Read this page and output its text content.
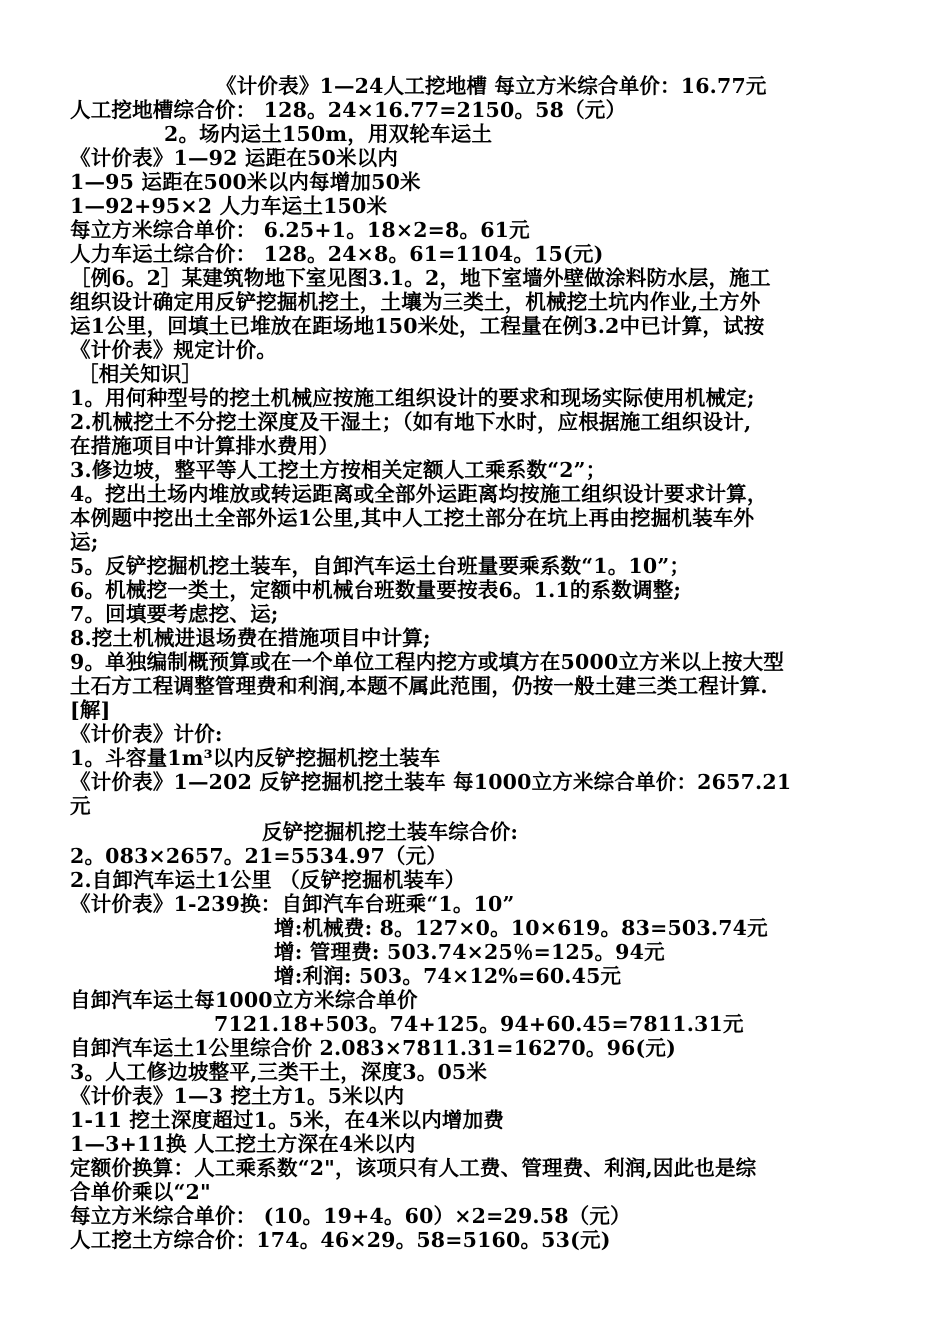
《计价表》1—24人工挖地槽 每立方米综合单价：16.77元
人工挖地槽综合价： 128。24×16.77=2150。58（元）
2。场内运土150m，用双轮车运土
《计价表》1—92 运距在50米以内
1—95 运距在500米以内每增加50米
1—92+95×2 人力车运土150米
每立方米综合单价： 6.25+1。18×2=8。61元
人力车运土综合价： 128。24×8。61=1104。15(元)
［例6。2］某建筑物地下室见图3.1。2，地下室墙外壁做涂料防水层，施工
组织设计确定用反铲挖掘机挖土，土壤为三类土，机械挖土坑内作业,土方外
运1公里，回填土已堆放在距场地150米处，工程量在例3.2中已计算，试按
《计价表》规定计价。
［相关知识］
1。用何种型号的挖土机械应按施工组织设计的要求和现场实际使用机械定;
2.机械挖土不分挖土深度及干湿土；（如有地下水时，应根据施工组织设计,
在措施项目中计算排水费用）
3.修边坡，整平等人工挖土方按相关定额人工乘系数“2”；
4。挖出土场内堆放或转运距离或全部外运距离均按施工组织设计要求计算，
本例题中挖出土全部外运1公里,其中人工挖土部分在坑上再由挖掘机装车外
运;
5。反铲挖掘机挖土装车，自卸汽车运土台班量要乘系数“1。10”；
6。机械挖一类土，定额中机械台班数量要按表6。1.1的系数调整;
7。回填要考虑挖、运;
8.挖土机械进退场费在措施项目中计算;
9。单独编制概预算或在一个单位工程内挖方或填方在5000立方米以上按大型
土石方工程调整管理费和利润,本题不属此范围，仍按一般土建三类工程计算.
[解]
《计价表》计价:
1。斗容量1m³以内反铲挖掘机挖土装车
《计价表》1—202 反铲挖掘机挖土装车 每1000立方米综合单价：2657.21
元
反铲挖掘机挖土装车综合价:
2。083×2657。21=5534.97（元）
2.自卸汽车运土1公里 （反铲挖掘机装车）
《计价表》1-239换：自卸汽车台班乘“1。10”
增:机械费: 8。127×0。10×619。83=503.74元
增: 管理费: 503.74×25％=125。94元
增:利润: 503。74×12%=60.45元
自卸汽车运土每1000立方米综合单价
7121.18+503。74+125。94+60.45=7811.31元
自卸汽车运土1公里综合价 2.083×7811.31=16270。96(元)
3。人工修边坡整平,三类干土，深度3。05米
《计价表》1—3 挖土方1。5米以内
1-11 挖土深度超过1。5米，在4米以内增加费
1—3+11换 人工挖土方深在4米以内
定额价换算：人工乘系数“2"，该项只有人工费、管理费、利润,因此也是综
合单价乘以“2"
每立方米综合单价： (10。19+4。60）×2=29.58（元）
人工挖土方综合价：174。46×29。58=5160。53(元)
